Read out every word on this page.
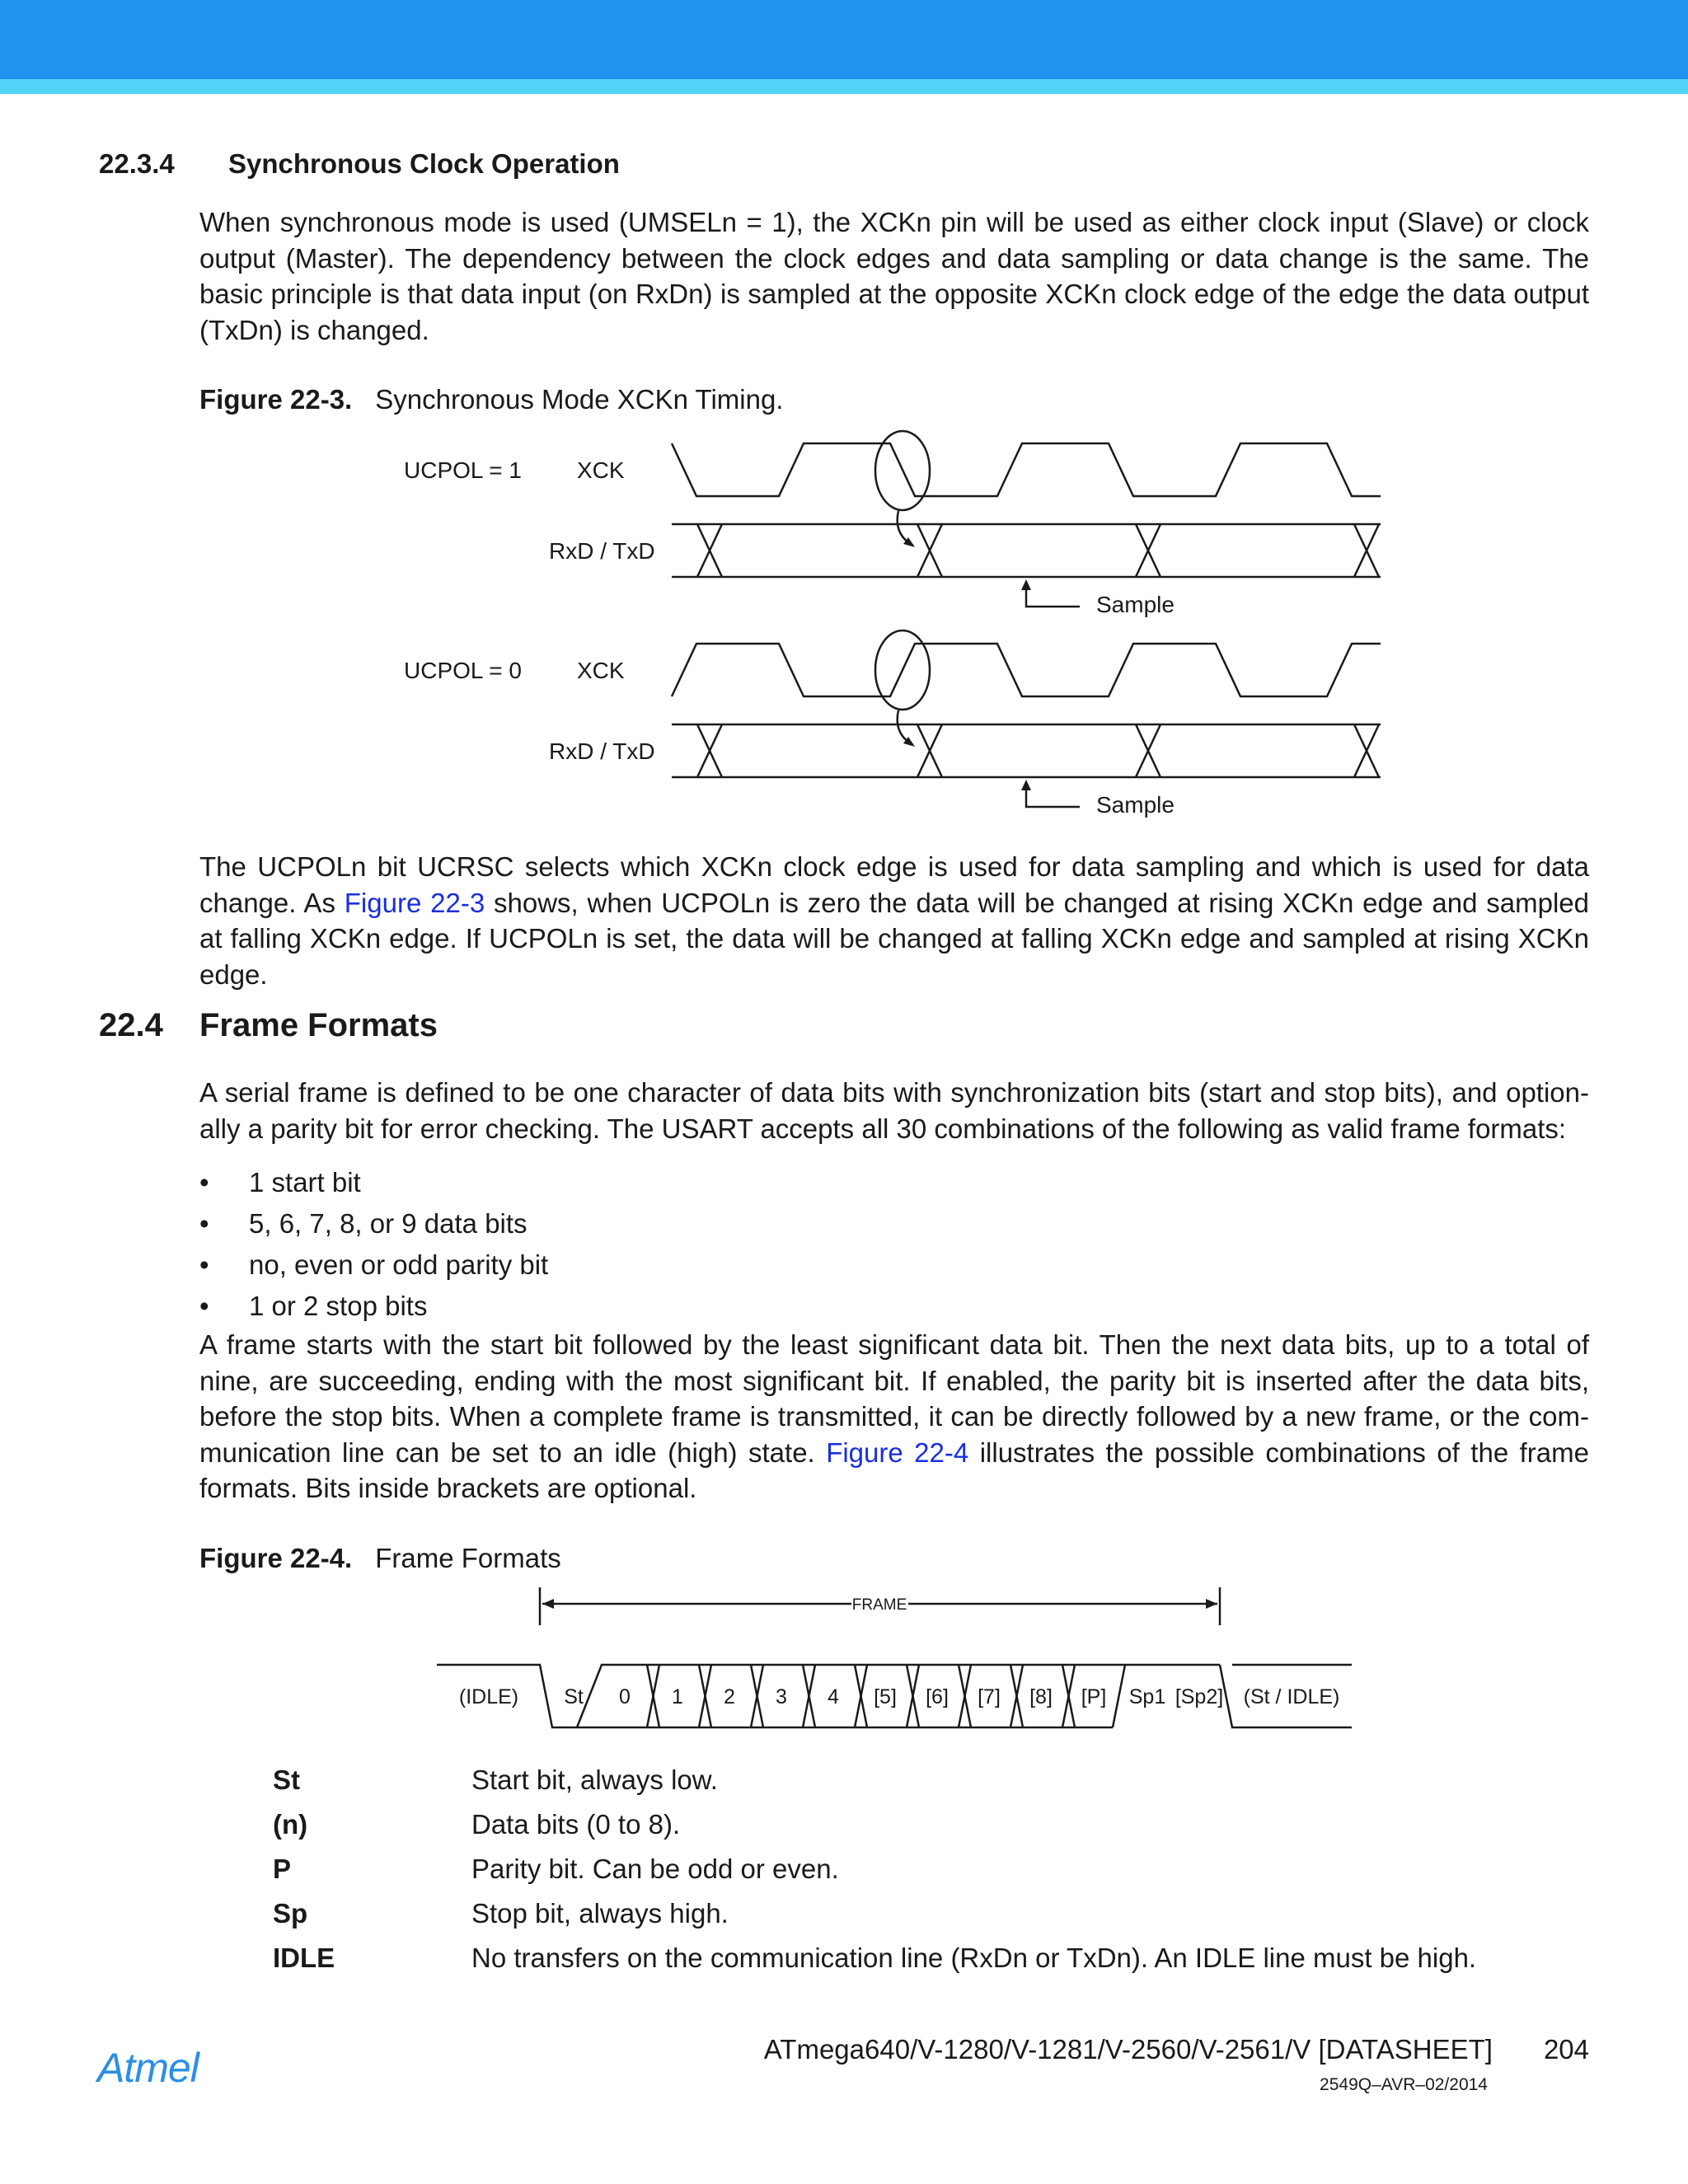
22.3.4 Synchronous Clock Operation

When synchronous mode is used (UMSELn = 1), the XCKn pin will be used as either clock input (Slave) or clock output (Master). The dependency between the clock edges and data sampling or data change is the same. The basic principle is that data input (on RxDn) is sampled at the opposite XCKn clock edge of the edge the data output (TxDn) is changed.

Figure 22-3. Synchronous Mode XCKn Timing.
UCPOL = 1 XCK
RxD / TxD
Sample
UCPOL = 0 XCK
RxD / TxD
Sample

The UCPOLn bit UCRSC selects which XCKn clock edge is used for data sampling and which is used for data change. As Figure 22-3 shows, when UCPOLn is zero the data will be changed at rising XCKn edge and sampled at falling XCKn edge. If UCPOLn is set, the data will be changed at falling XCKn edge and sampled at rising XCKn edge.

22.4 Frame Formats

A serial frame is defined to be one character of data bits with synchronization bits (start and stop bits), and option-ally a parity bit for error checking. The USART accepts all 30 combinations of the following as valid frame formats:

• 1 start bit
• 5, 6, 7, 8, or 9 data bits
• no, even or odd parity bit
• 1 or 2 stop bits

A frame starts with the start bit followed by the least significant data bit. Then the next data bits, up to a total of nine, are succeeding, ending with the most significant bit. If enabled, the parity bit is inserted after the data bits, before the stop bits. When a complete frame is transmitted, it can be directly followed by a new frame, or the com-munication line can be set to an idle (high) state. Figure 22-4 illustrates the possible combinations of the frame formats. Bits inside brackets are optional.

Figure 22-4. Frame Formats
FRAME
(IDLE) St 0 1 2 3 4 [5] [6] [7] [8] [P] Sp1 [Sp2] (St / IDLE)
St	Start bit, always low.
(n)	Data bits (0 to 8).
P	Parity bit. Can be odd or even.
Sp	Stop bit, always high.
IDLE	No transfers on the communication line (RxDn or TxDn). An IDLE line must be high.
Atmel	ATmega640/V-1280/V-1281/V-2560/V-2561/V [DATASHEET] 204
2549Q–AVR–02/2014
